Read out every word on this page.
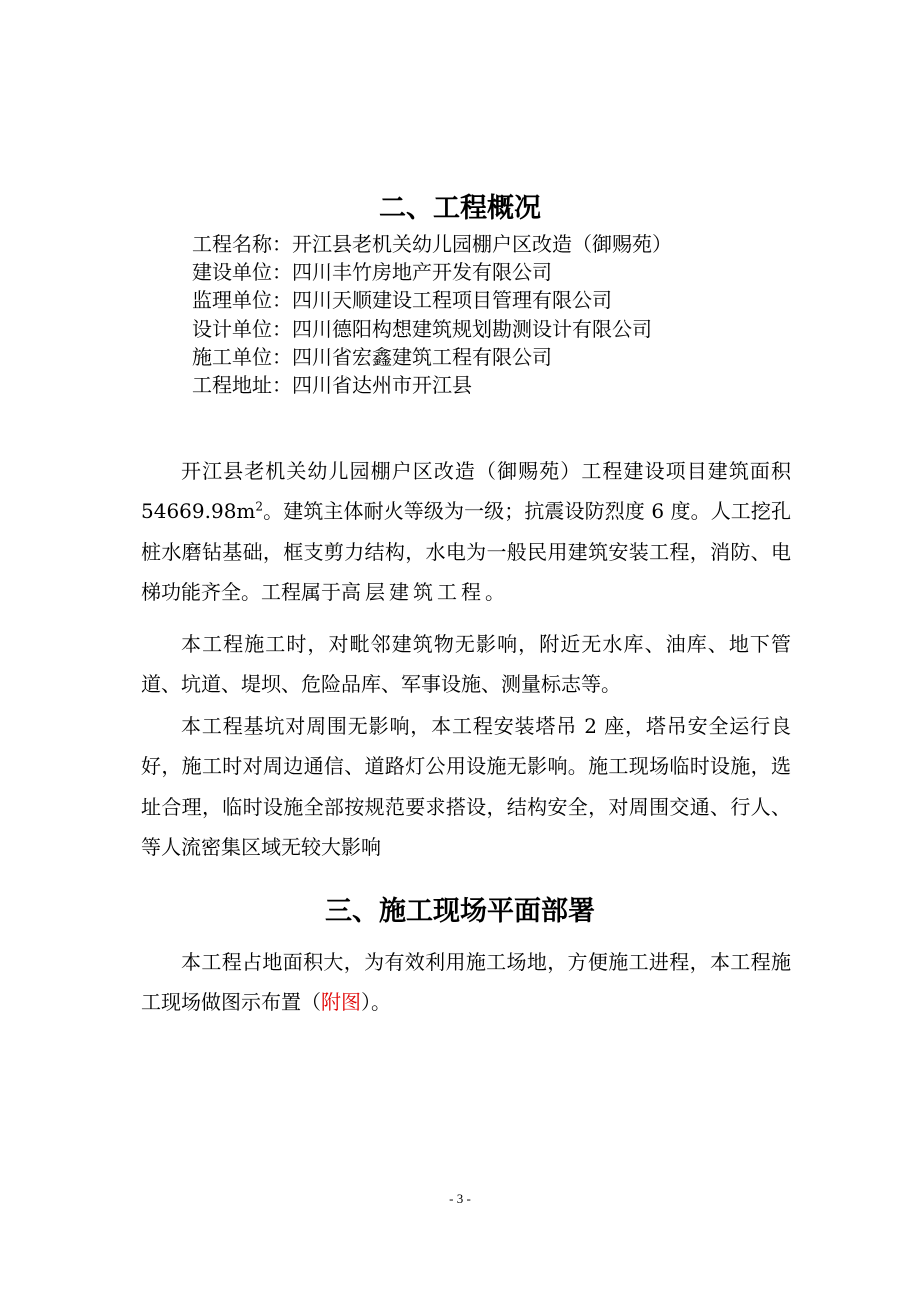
二、工程概况
工程名称：开江县老机关幼儿园棚户区改造（御赐苑）
建设单位：四川丰竹房地产开发有限公司
监理单位：四川天顺建设工程项目管理有限公司
设计单位：四川德阳构想建筑规划勘测设计有限公司
施工单位：四川省宏鑫建筑工程有限公司
工程地址：四川省达州市开江县
开江县老机关幼儿园棚户区改造（御赐苑）工程建设项目建筑面积 $54669.98m^2$。建筑主体耐火等级为一级；抗震设防烈度 6 度。人工挖孔桩水磨钻基础，框支剪力结构，水电为一般民用建筑安装工程，消防、电梯功能齐全。工程属于高层建筑工程。
本工程施工时，对毗邻建筑物无影响，附近无水库、油库、地下管道、坑道、堤坝、危险品库、军事设施、测量标志等。
本工程基坑对周围无影响，本工程安装塔吊 2 座，塔吊安全运行良好，施工时对周边通信、道路灯公用设施无影响。施工现场临时设施，选址合理，临时设施全部按规范要求搭设，结构安全，对周围交通、行人、等人流密集区域无较大影响
三、施工现场平面部署
本工程占地面积大，为有效利用施工场地，方便施工进程，本工程施工现场做图示布置（附图）。
- 3 -
